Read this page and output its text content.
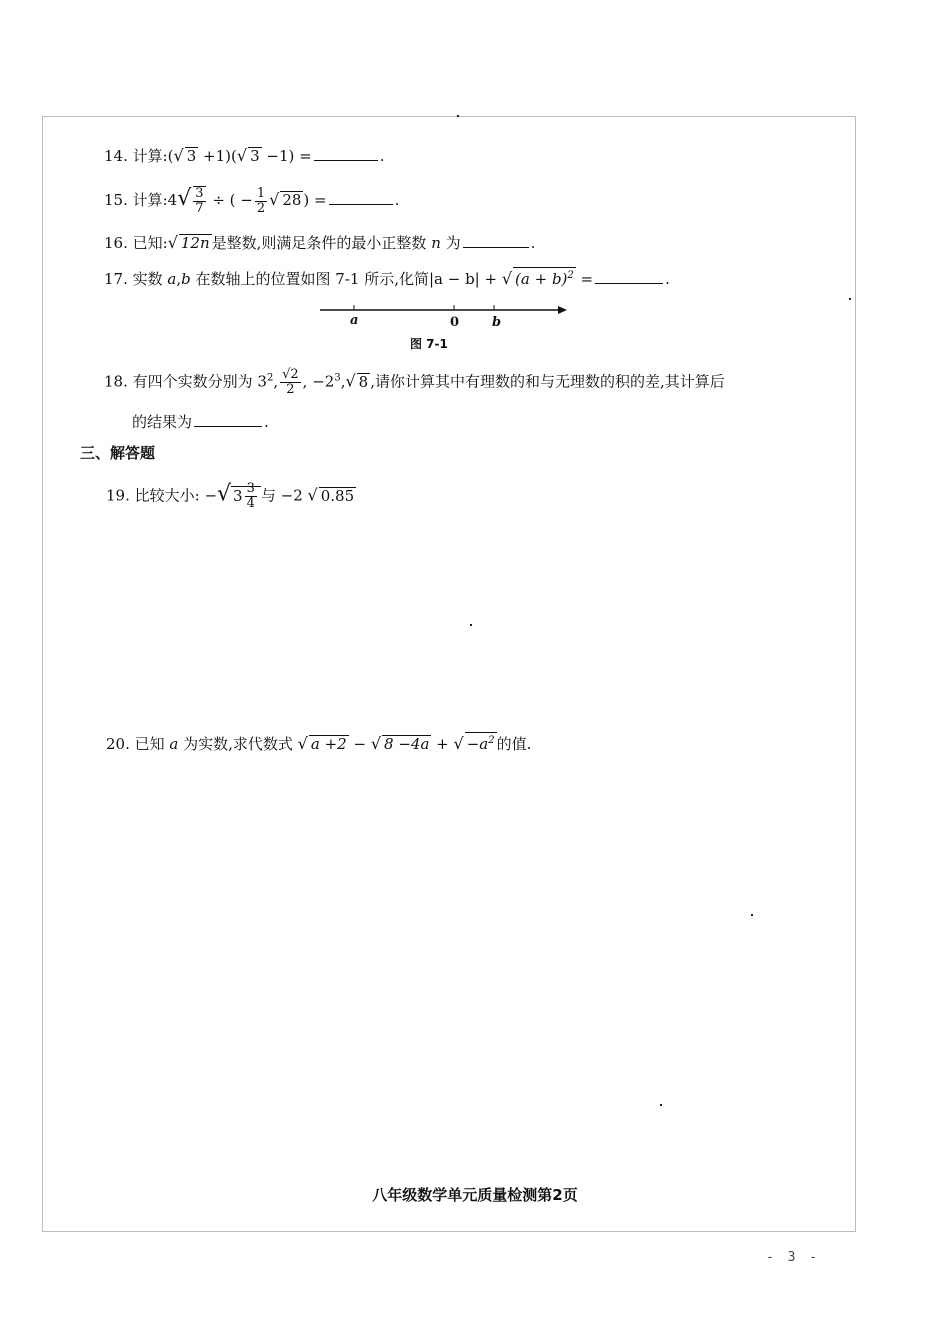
14. 计算:(√ 3 +1)(√ 3 −1) =	.
15. 计算:4√ $\frac{3}{7}$ ÷ ( − $\frac{1}{2}$ √ 28 ) =	.
16. 已知:√ 12n 是整数,则满足条件的最小正整数 n 为	.
17. 实数 a,b 在数轴上的位置如图 7-1 所示,化简|a − b| + √ $(a + b)^2$ =	.
a	0	b
图 7-1
18. 有四个实数分别为 $3^2$, $\frac{√2}{2}$ , $-2^3,√$ 8 ,请你计算其中有理数的和与无理数的积的差,其计算后
的结果为	.
三、解答题
19. 比较大小: −√ $3 \frac{3}{4}$ 与 −2 √ 0.85
20. 已知 a 为实数,求代数式 √ a +2 − √ 8 −4a + √ $-a^2$ 的值.
八年级数学单元质量检测第2页
- 3 -
